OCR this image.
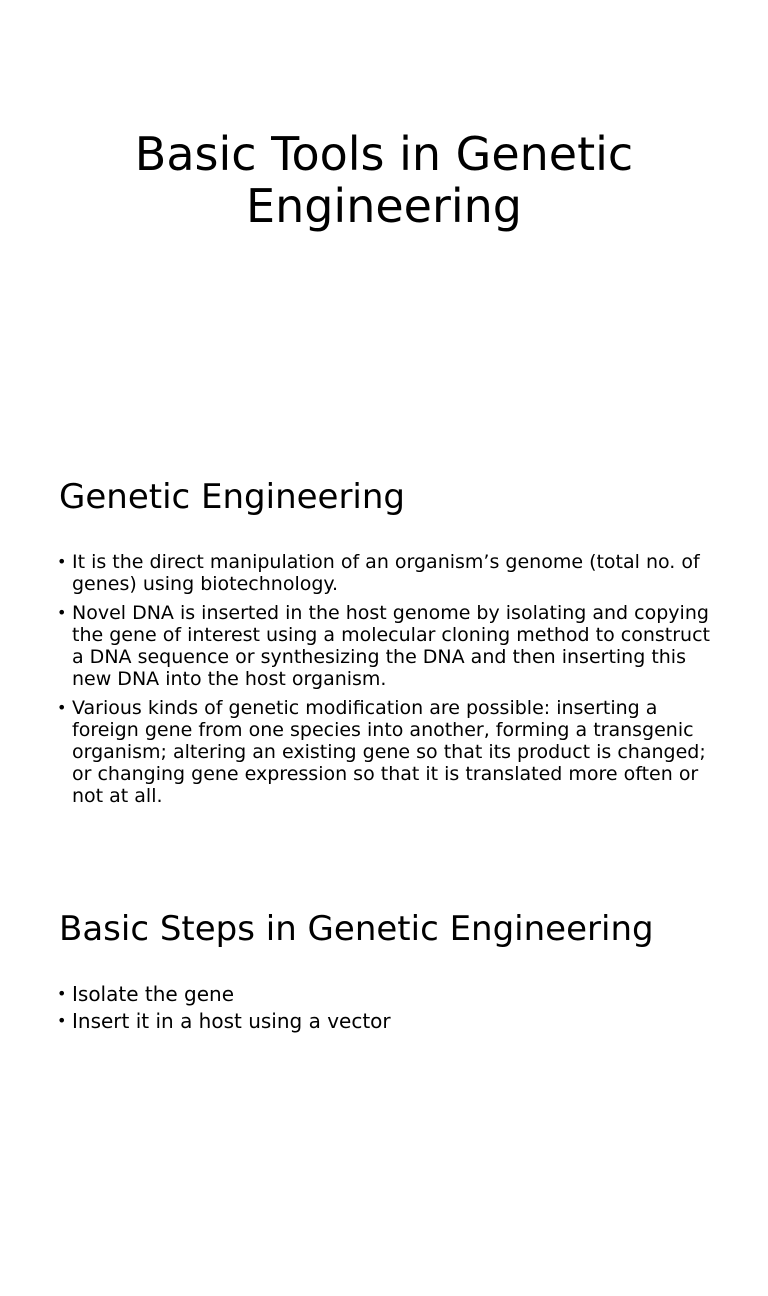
Basic Tools in Genetic Engineering
Genetic Engineering
• It is the direct manipulation of an organism’s genome (total no. of genes) using biotechnology.
• Novel DNA is inserted in the host genome by isolating and copying the gene of interest using a molecular cloning method to construct a DNA sequence or synthesizing the DNA and then inserting this new DNA into the host organism.
• Various kinds of genetic modification are possible: inserting a foreign gene from one species into another, forming a transgenic organism; altering an existing gene so that its product is changed; or changing gene expression so that it is translated more often or not at all.
Basic Steps in Genetic Engineering
• Isolate the gene
• Insert it in a host using a vector
